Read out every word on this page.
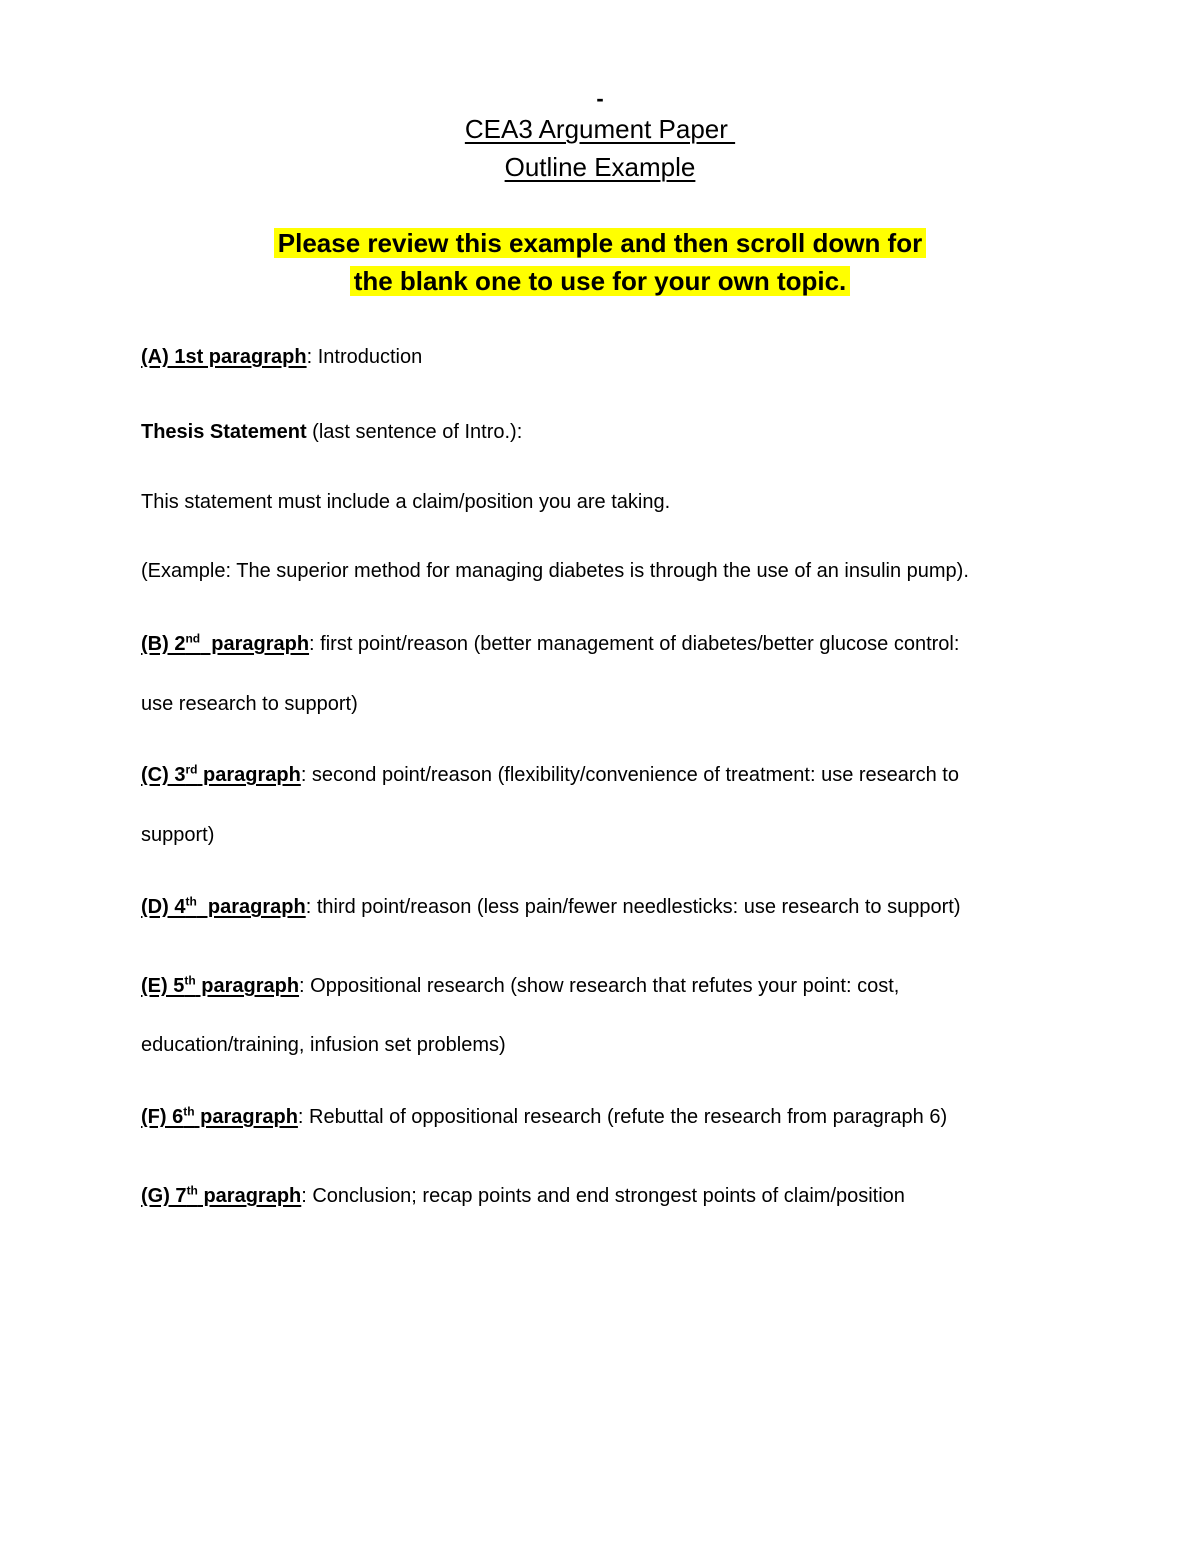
-
CEA3 Argument Paper
Outline Example
Please review this example and then scroll down for
the blank one to use for your own topic.
(A) 1st paragraph: Introduction
Thesis Statement (last sentence of Intro.):
This statement must include a claim/position you are taking.
(Example: The superior method for managing diabetes is through the use of an insulin pump).
(B) 2nd  paragraph: first point/reason (better management of diabetes/better glucose control:
use research to support)
(C) 3rd paragraph: second point/reason (flexibility/convenience of treatment: use research to
support)
(D) 4th  paragraph: third point/reason (less pain/fewer needlesticks: use research to support)
(E) 5th paragraph: Oppositional research (show research that refutes your point: cost,
education/training, infusion set problems)
(F) 6th paragraph: Rebuttal of oppositional research (refute the research from paragraph 6)
(G) 7th paragraph: Conclusion; recap points and end strongest points of claim/position
